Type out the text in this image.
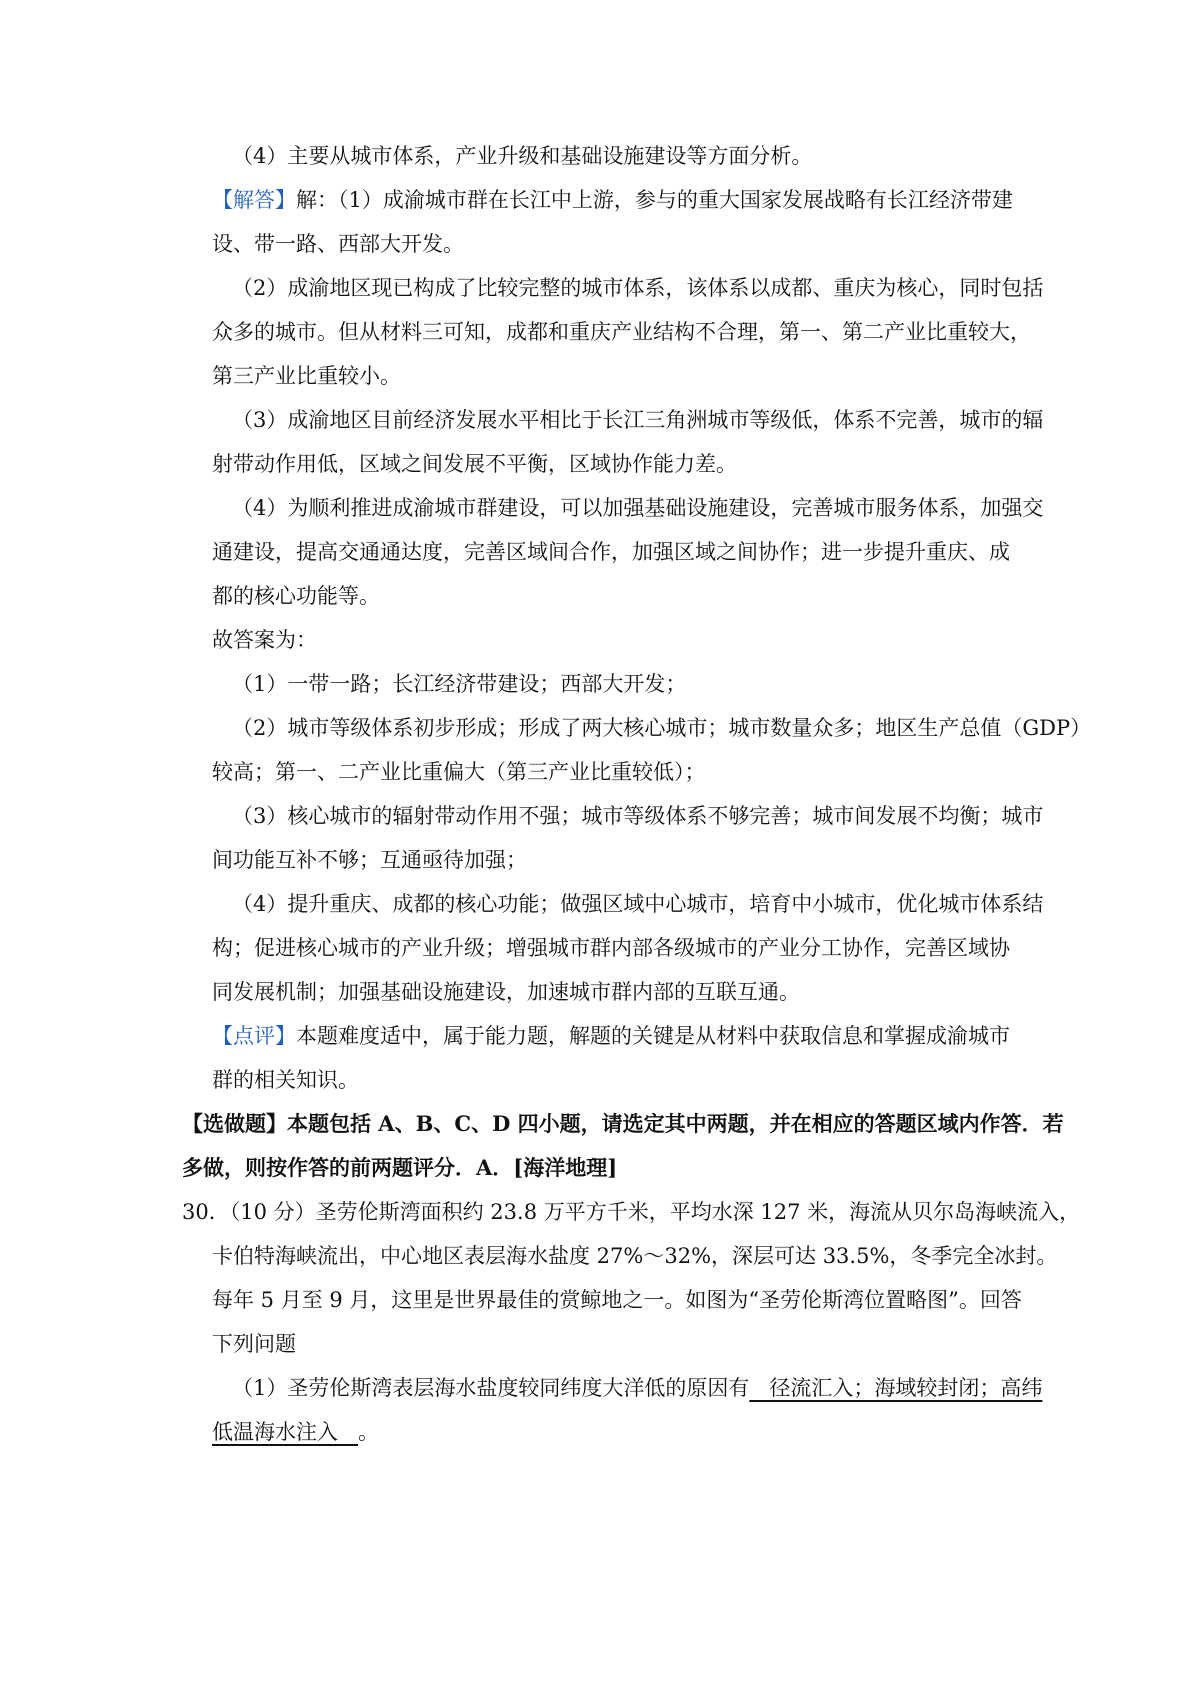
（4）主要从城市体系，产业升级和基础设施建设等方面分析。
【解答】解：（1）成渝城市群在长江中上游，参与的重大国家发展战略有长江经济带建
设、带一路、西部大开发。
（2）成渝地区现已构成了比较完整的城市体系，该体系以成都、重庆为核心，同时包括
众多的城市。但从材料三可知，成都和重庆产业结构不合理，第一、第二产业比重较大，
第三产业比重较小。
（3）成渝地区目前经济发展水平相比于长江三角洲城市等级低，体系不完善，城市的辐
射带动作用低，区域之间发展不平衡，区域协作能力差。
（4）为顺利推进成渝城市群建设，可以加强基础设施建设，完善城市服务体系，加强交
通建设，提高交通通达度，完善区域间合作，加强区域之间协作；进一步提升重庆、成
都的核心功能等。
故答案为：
（1）一带一路；长江经济带建设；西部大开发；
（2）城市等级体系初步形成；形成了两大核心城市；城市数量众多；地区生产总值（GDP）
较高；第一、二产业比重偏大（第三产业比重较低）；
（3）核心城市的辐射带动作用不强；城市等级体系不够完善；城市间发展不均衡；城市
间功能互补不够；互通亟待加强；
（4）提升重庆、成都的核心功能；做强区域中心城市，培育中小城市，优化城市体系结
构；促进核心城市的产业升级；增强城市群内部各级城市的产业分工协作，完善区域协
同发展机制；加强基础设施建设，加速城市群内部的互联互通。
【点评】本题难度适中，属于能力题，解题的关键是从材料中获取信息和掌握成渝城市
群的相关知识。
【选做题】本题包括 A、B、C、D 四小题，请选定其中两题，并在相应的答题区域内作答．若
多做，则按作答的前两题评分．A．[海洋地理]
30．（10 分）圣劳伦斯湾面积约 23.8 万平方千米，平均水深 127 米，海流从贝尔岛海峡流入，
卡伯特海峡流出，中心地区表层海水盐度 27%～32%，深层可达 33.5%，冬季完全冰封。
每年 5 月至 9 月，这里是世界最佳的赏鲸地之一。如图为“圣劳伦斯湾位置略图”。回答
下列问题
（1）圣劳伦斯湾表层海水盐度较同纬度大洋低的原因有   径流汇入；海域较封闭；高纬
低温海水注入   。
